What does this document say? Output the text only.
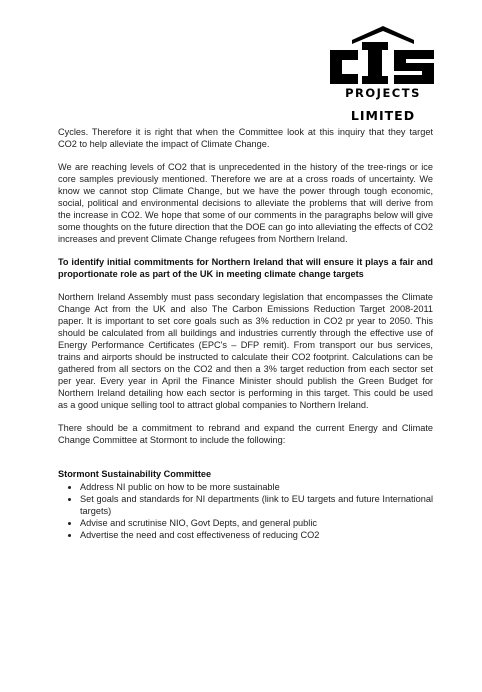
PROJECTS
LIMITED

Cycles. Therefore it is right that when the Committee look at this inquiry that they target CO2 to help alleviate the impact of Climate Change.

We are reaching levels of CO2 that is unprecedented in the history of the tree-rings or ice core samples previously mentioned. Therefore we are at a cross roads of uncertainty. We know we cannot stop Climate Change, but we have the power through tough economic, social, political and environmental decisions to alleviate the problems that will derive from the increase in CO2. We hope that some of our comments in the paragraphs below will give some thoughts on the future direction that the DOE can go into alleviating the effects of CO2 increases and prevent Climate Change refugees from Northern Ireland.

To identify initial commitments for Northern Ireland that will ensure it plays a fair and proportionate role as part of the UK in meeting climate change targets

Northern Ireland Assembly must pass secondary legislation that encompasses the Climate Change Act from the UK and also The Carbon Emissions Reduction Target 2008-2011 paper. It is important to set core goals such as 3% reduction in CO2 pr year to 2050. This should be calculated from all buildings and industries currently through the effective use of Energy Performance Certificates (EPC's – DFP remit). From transport our bus services, trains and airports should be instructed to calculate their CO2 footprint. Calculations can be gathered from all sectors on the CO2 and then a 3% target reduction from each sector set per year. Every year in April the Finance Minister should publish the Green Budget for Northern Ireland detailing how each sector is performing in this target. This could be used as a good unique selling tool to attract global companies to Northern Ireland.

There should be a commitment to rebrand and expand the current Energy and Climate Change Committee at Stormont to include the following:

Stormont Sustainability Committee
• Address NI public on how to be more sustainable
• Set goals and standards for NI departments (link to EU targets and future International targets)
• Advise and scrutinise NIO, Govt Depts, and general public
• Advertise the need and cost effectiveness of reducing CO2
